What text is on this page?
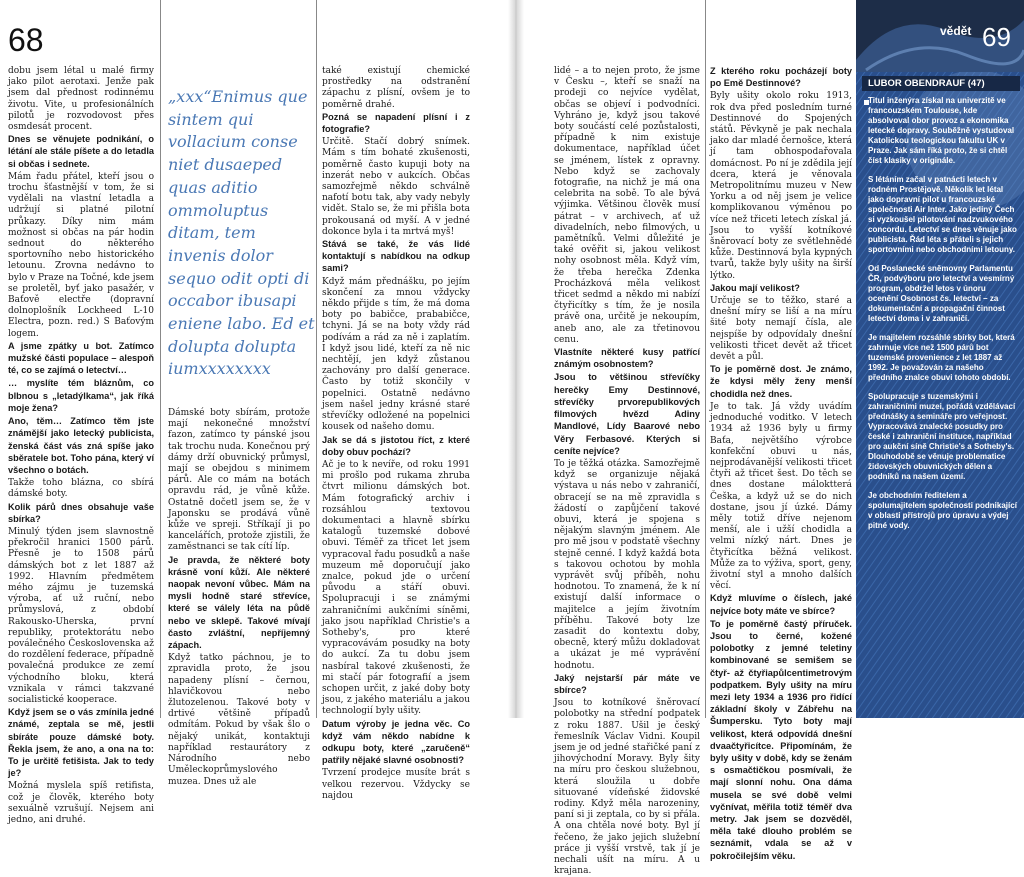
68

dobu jsem létal u malé firmy jako pilot aerotaxi. Jenže pak jsem dal přednost rodinnému životu. Vite, u profesionálních pilotů je rozvodovost přes osmdesát procent.

Dnes se věnujete podnikání, o létání ale stále píšete a do letadla si občas i sednete.

Mám řadu přátel, kteří jsou o trochu šťastnější v tom, že si vydělali na vlastní letadla a udržují si platné pilotní průkazy. Díky nim mám možnost si občas na pár hodin sednout do některého sportovního nebo historického letounu. Zrovna nedávno to bylo v Praze na Točné, kde jsem se proletěl, byť jako pasažér, v Baťově electře (dopravní dolnoplošník Lockheed L-10 Electra, pozn. red.) S Baťovým logem.

A jsme zpátky u bot. Zatímco mužské části populace – alespoň té, co se zajímá o letectví…

… myslíte tém bláznům, co blbnou s „letadýlkama“, jak říká moje žena?

Ano, těm… Zatímco těm jste známější jako letecký publicista, ženská část vás zná spíše jako sběratele bot. Toho pána, který ví všechno o botách.

Takže toho blázna, co sbírá dámské boty.

Kolik párů dnes obsahuje vaše sbírka?

Minulý týden jsem slavnostně překročil hranici 1500 párů. Přesně je to 1508 párů dámských bot z let 1887 až 1992. Hlavním předmětem mého zájmu je tuzemská výroba, ať už ruční, nebo průmyslová, z období Rakousko-Uherska, první republiky, protektorátu nebo poválečného Československa až do rozdělení federace, případně povalečná produkce ze zemí východního bloku, která vznikala v rámci takzvané socialistické kooperace.

Když jsem se o vás zmínila jedné známé, zeptala se mě, jestli sbíráte pouze dámské boty. Řekla jsem, že ano, a ona na to: To je určitě fetišista. Jak to tedy je?

Možná myslela spíš retifista, což je člověk, kterého boty sexuálně vzrušují. Nejsem ani jedno, ani druhé.

„xxx“Enimus que sintem qui vollacium conse niet dusaeped quas aditio ommoluptus ditam, tem invenis dolor sequo odit opti di occabor ibusapi eniene labo. Ed et dolupta dolupta iumxxxxxxxx

Dámské boty sbírám, protože mají nekonečné množství fazon, zatímco ty pánské jsou tak trochu nuda. Konečnou prý dámy drží obuvnický průmysl, mají se obejdou s minimem párů. Ale co mám na botách opravdu rád, je vůně kůže. Ostatně dočetl jsem se, že v Japonsku se prodává vůně kůže ve spreji. Stříkají ji po kancelářích, protože zjistili, že zaměstnanci se tak cítí líp.

Je pravda, že některé boty krásně voní kůží. Ale některé naopak nevoní vůbec. Mám na mysli hodně staré střevíce, které se válely léta na půdě nebo ve sklepě. Takové mívají často zvláštní, nepříjemný zápach.

Když tatko páchnou, je to zpravidla proto, že jsou napadeny plísní – černou, hlavičkovou nebo žlutozelenou. Takové boty v drtivé většině případů odmítám. Pokud by však šlo o nějaký unikát, kontaktuji například restaurátory z Národního nebo Uměleckoprůmyslového muzea. Dnes už ale

také existují chemické prostředky na odstranění zápachu z plísní, ovšem je to poměrně drahé.

Pozná se napadení plísní i z fotografie?

Určitě. Stačí dobrý snímek. Mám s tím bohaté zkušenosti, poměrně často kupuji boty na inzerát nebo v aukcích. Občas samozřejmě někdo schválně nafotí botu tak, aby vady nebyly vidět. Stalo se, že mi přišla bota prokousaná od myší. A v jedné dokonce byla i ta mrtvá myš!

Stává se také, že vás lidé kontaktují s nabídkou na odkup sami?

Když mám přednášku, po jejím skončení za mnou vždycky někdo přijde s tím, že má doma boty po babičce, prababičce, tchyni. Já se na boty vždy rád podívám a rád za ně i zaplatím. I když jsou lidé, kteří za ně nic nechtějí, jen když zůstanou zachovány pro další generace. Často by totiž skončily v popelnici. Ostatně nedávno jsem našel jedny krásné staré střevíčky odložené na popelnici kousek od našeho domu.

Jak se dá s jistotou říct, z které doby obuv pochází?

Ač je to k nevíře, od roku 1991 mi prošlo pod rukama zhruba čtvrt milionu dámských bot. Mám fotografický archiv i rozsáhlou textovou dokumentaci a hlavně sbírku katalogů tuzemské dobové obuvi. Téměř za třicet let jsem vypracoval řadu posudků a naše muzeum mě doporučují jako znalce, pokud jde o určení původu a stáří obuvi. Spolupracuji i se známými zahraničními aukčními síněmi, jako jsou například Christie's a Sotheby's, pro které vypracovávám posudky na boty do aukcí. Za tu dobu jsem nasbíral takové zkušenosti, že mi stačí pár fotografií a jsem schopen určit, z jaké doby boty jsou, z jakého materiálu a jakou technologií byly ušity.

Datum výroby je jedna věc. Co když vám někdo nabídne k odkupu boty, které „zaručeně“ patřily nějaké slavné osobnosti?

Tvrzení prodejce musíte brát s velkou rezervou. Vždycky se najdou

lidé – a to nejen proto, že jsme v Česku –, kteří se snaží na prodeji co nejvíce vydělat, občas se objeví i podvodníci. Vyhráno je, když jsou takové boty součástí celé pozůstalosti, případně k nim existuje dokumentace, například účet se jménem, lístek z opravny. Nebo když se zachovaly fotografie, na nichž je má ona celebrita na sobě. To ale bývá výjimka. Většinou člověk musí pátrat – v archivech, ať už divadelních, nebo filmových, u pamětníků. Velmi důležité je také ověřit si, jakou velikost nohy osobnost měla. Když vím, že třeba herečka Zdenka Procházková měla velikost třicet sedmd a někdo mi nabízí čtyřicítky s tím, že je nosila právě ona, určitě je nekoupím, aneb ano, ale za třetinovou cenu.

Vlastníte některé kusy patřící známým osobnostem?

Jsou to většinou střevíčky herečky Emy Destinnové, střevíčky prvorepublikových filmových hvězd Adiny Mandlové, Lídy Baarové nebo Věry Ferbasové. Kterých si ceníte nejvíce?

To je těžká otázka. Samozřejmě když se organizuje nějaká výstava u nás nebo v zahraničí, obracejí se na mě zpravidla s žádostí o zapůjčení takové obuvi, která je spojena s nějakým slavným jménem. Ale pro mě jsou v podstatě všechny stejně cenné. I když každá bota s takovou ochotou by mohla vyprávět svůj příběh, nohu hodnotou. To znamená, že k ní existují další informace o majitelce a jejím životním příběhu. Takové boty lze zasadit do kontextu doby, obecně, který můžu dokladovat a ukázat je mé vyprávění hodnotu.

Jaký nejstarší pár máte ve sbírce?

Jsou to kotníkové šněrovací polobotky na střední podpatek z roku 1887. Ušil je český řemeslník Václav Vidni. Koupil jsem je od jedné stařičké paní z jihovýchodní Moravy. Byly šity na míru pro českou služebnou, která sloužila u dobře situované vídeňské židovské rodiny. Když měla narozeniny, paní si ji zeptala, co by si přála. A ona chtěla nové boty. Byl jí řečeno, že jako jejich služební práce ji vyšší vrstvě, tak jí je nechali ušít na míru. A u krajana.

Z kterého roku pocházejí boty po Emě Destinnové?

Byly ušity okolo roku 1913, rok dva před posledním turné Destinnové do Spojených států. Pěvkyně je pak nechala jako dar mladé černošce, která jí tam obhospodařovala domácnost. Po ní je zdědila její dcera, která je věnovala Metropolitnímu muzeu v New Yorku a od něj jsem je velice komplikovanou výměnou po více než třiceti letech získal já. Jsou to vyšší kotníkové šněrovací boty ze světlehnědé kůže. Destinnová byla kypných tvarů, takže byly ušity na širší lýtko.

Jakou mají velikost?

Určuje se to těžko, staré a dnešní míry se liší a na míru šité boty nemají čísla, ale nejspíše by odpovídaly dnešní velikosti třicet devět až třicet devět a půl.

To je poměrně dost. Je známo, že kdysi měly ženy menší chodidla než dnes.

Je to tak. Já vždy uvádím jednoduché voditko. V letech 1934 až 1936 byly u firmy Baťa, největšího výrobce konfekční obuvi u nás, nejprodávanější velikosti třicet čtyři až třicet šest. Do těch se dnes dostane máloktterá Češka, a když už se do nich dostane, jsou jí úzké. Dámy měly totiž dříve nejenom menší, ale i užší chodidla a velmi nízký nárt. Dnes je čtyřicítka běžná velikost. Může za to výživa, sport, geny, životní styl a mnoho dalších věcí.

Když mluvíme o číslech, jaké nejvíce boty máte ve sbírce?

To je poměrně častý příruček. Jsou to černé, kožené polobotky z jemné teletiny kombinované se semišem se čtyř- až čtyřiapůlcentimetrovým podpatkem. Byly ušity na míru mezi lety 1934 a 1936 pro řidící základní školy v Zábřehu na Šumpersku. Tyto boty mají velikost, která odpovídá dnešní dvaačtyřicítce. Připomínám, že byly ušity v době, kdy se ženám s osmačtičkou posmívali, že mají slonní nohu. Ona dáma musela se své době velmi vyčnívat, měřila totiž téměř dva metry. Jak jsem se dozvěděl, měla také dlouho problém se seznámit, vdala se až v pokročilejším věku.

vědět 69
LUBOR OBENDRAUF (47)

Titul inženýra získal na univerzitě ve francouzském Toulouse, kde absolvoval obor provoz a ekonomika letecké dopravy. Souběžně vystudoval Katolickou teologickou fakultu UK v Praze. Jak sám říká proto, že si chtěl číst klasiky v originále.

S létáním začal v patnácti letech v rodném Prostějově. Několik let létal jako dopravní pilot u francouzské společnosti Air Inter. Jako jediný Čech si vyzkoušel pilotování nadzvukového concordu. Letectví se dnes věnuje jako publicista. Řád léta s přáteli s jejich sportovními nebo obchodními letouny.

Od Poslanecké sněmovny Parlamentu ČR, podvýboru pro letectví a vesmírný program, obdržel letos v únoru ocenění Osobnost čs. letectví – za dokumentační a propagační činnost letectví doma i v zahraničí.

Je majitelem rozsáhlé sbírky bot, která zahrnuje více než 1500 párů bot tuzemské provenience z let 1887 až 1992. Je považován za našeho předního znalce obuvi tohoto období.

Spolupracuje s tuzemskými i zahraničními muzei, pořádá vzdělávací přednášky a semináře pro veřejnost. Vypracovává znalecké posudky pro české i zahraniční instituce, například pro aukční síně Christie's a Sotheby's. Dlouhodobě se věnuje problematice židovských obuvnických dělen a podniků na našem území.

Je obchodním ředitelem a spolumajitelem společnosti podnikající v oblasti přístrojů pro úpravu a výdej pitné vody.
